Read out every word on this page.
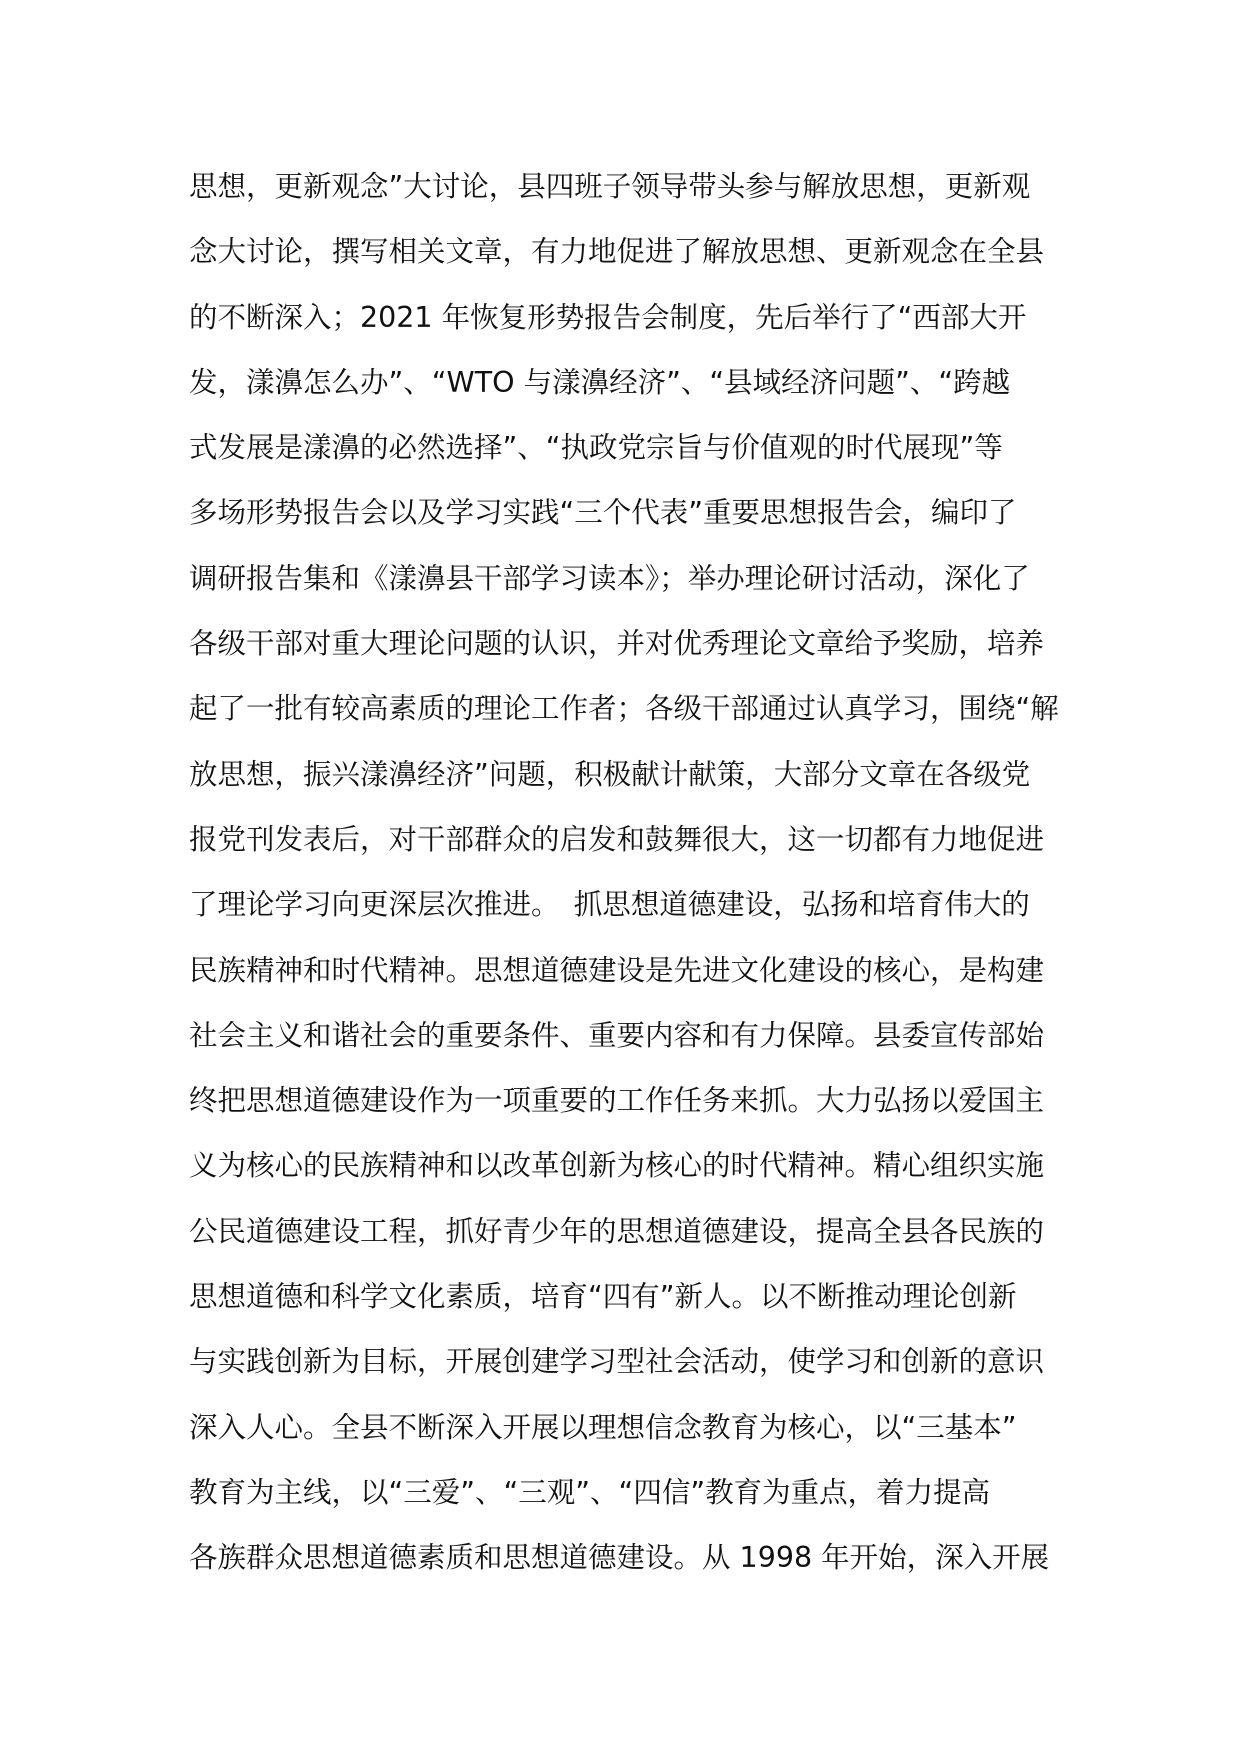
思想，更新观念”大讨论，县四班子领导带头参与解放思想，更新观
念大讨论，撰写相关文章，有力地促进了解放思想、更新观念在全县
的不断深入；2021 年恢复形势报告会制度，先后举行了“西部大开
发，漾濞怎么办”、“WTO 与漾濞经济”、“县域经济问题”、“跨越
式发展是漾濞的必然选择”、“执政党宗旨与价值观的时代展现”等
多场形势报告会以及学习实践“三个代表”重要思想报告会，编印了
调研报告集和《漾濞县干部学习读本》；举办理论研讨活动，深化了
各级干部对重大理论问题的认识，并对优秀理论文章给予奖励，培养
起了一批有较高素质的理论工作者；各级干部通过认真学习，围绕“解
放思想，振兴漾濞经济”问题，积极献计献策，大部分文章在各级党
报党刊发表后，对干部群众的启发和鼓舞很大，这一切都有力地促进
了理论学习向更深层次推进。　抓思想道德建设，弘扬和培育伟大的
民族精神和时代精神。思想道德建设是先进文化建设的核心，是构建
社会主义和谐社会的重要条件、重要内容和有力保障。县委宣传部始
终把思想道德建设作为一项重要的工作任务来抓。大力弘扬以爱国主
义为核心的民族精神和以改革创新为核心的时代精神。精心组织实施
公民道德建设工程，抓好青少年的思想道德建设，提高全县各民族的
思想道德和科学文化素质，培育“四有”新人。以不断推动理论创新
与实践创新为目标，开展创建学习型社会活动，使学习和创新的意识
深入人心。全县不断深入开展以理想信念教育为核心，以“三基本”
教育为主线，以“三爱”、“三观”、“四信”教育为重点，着力提高
各族群众思想道德素质和思想道德建设。从 1998 年开始，深入开展
